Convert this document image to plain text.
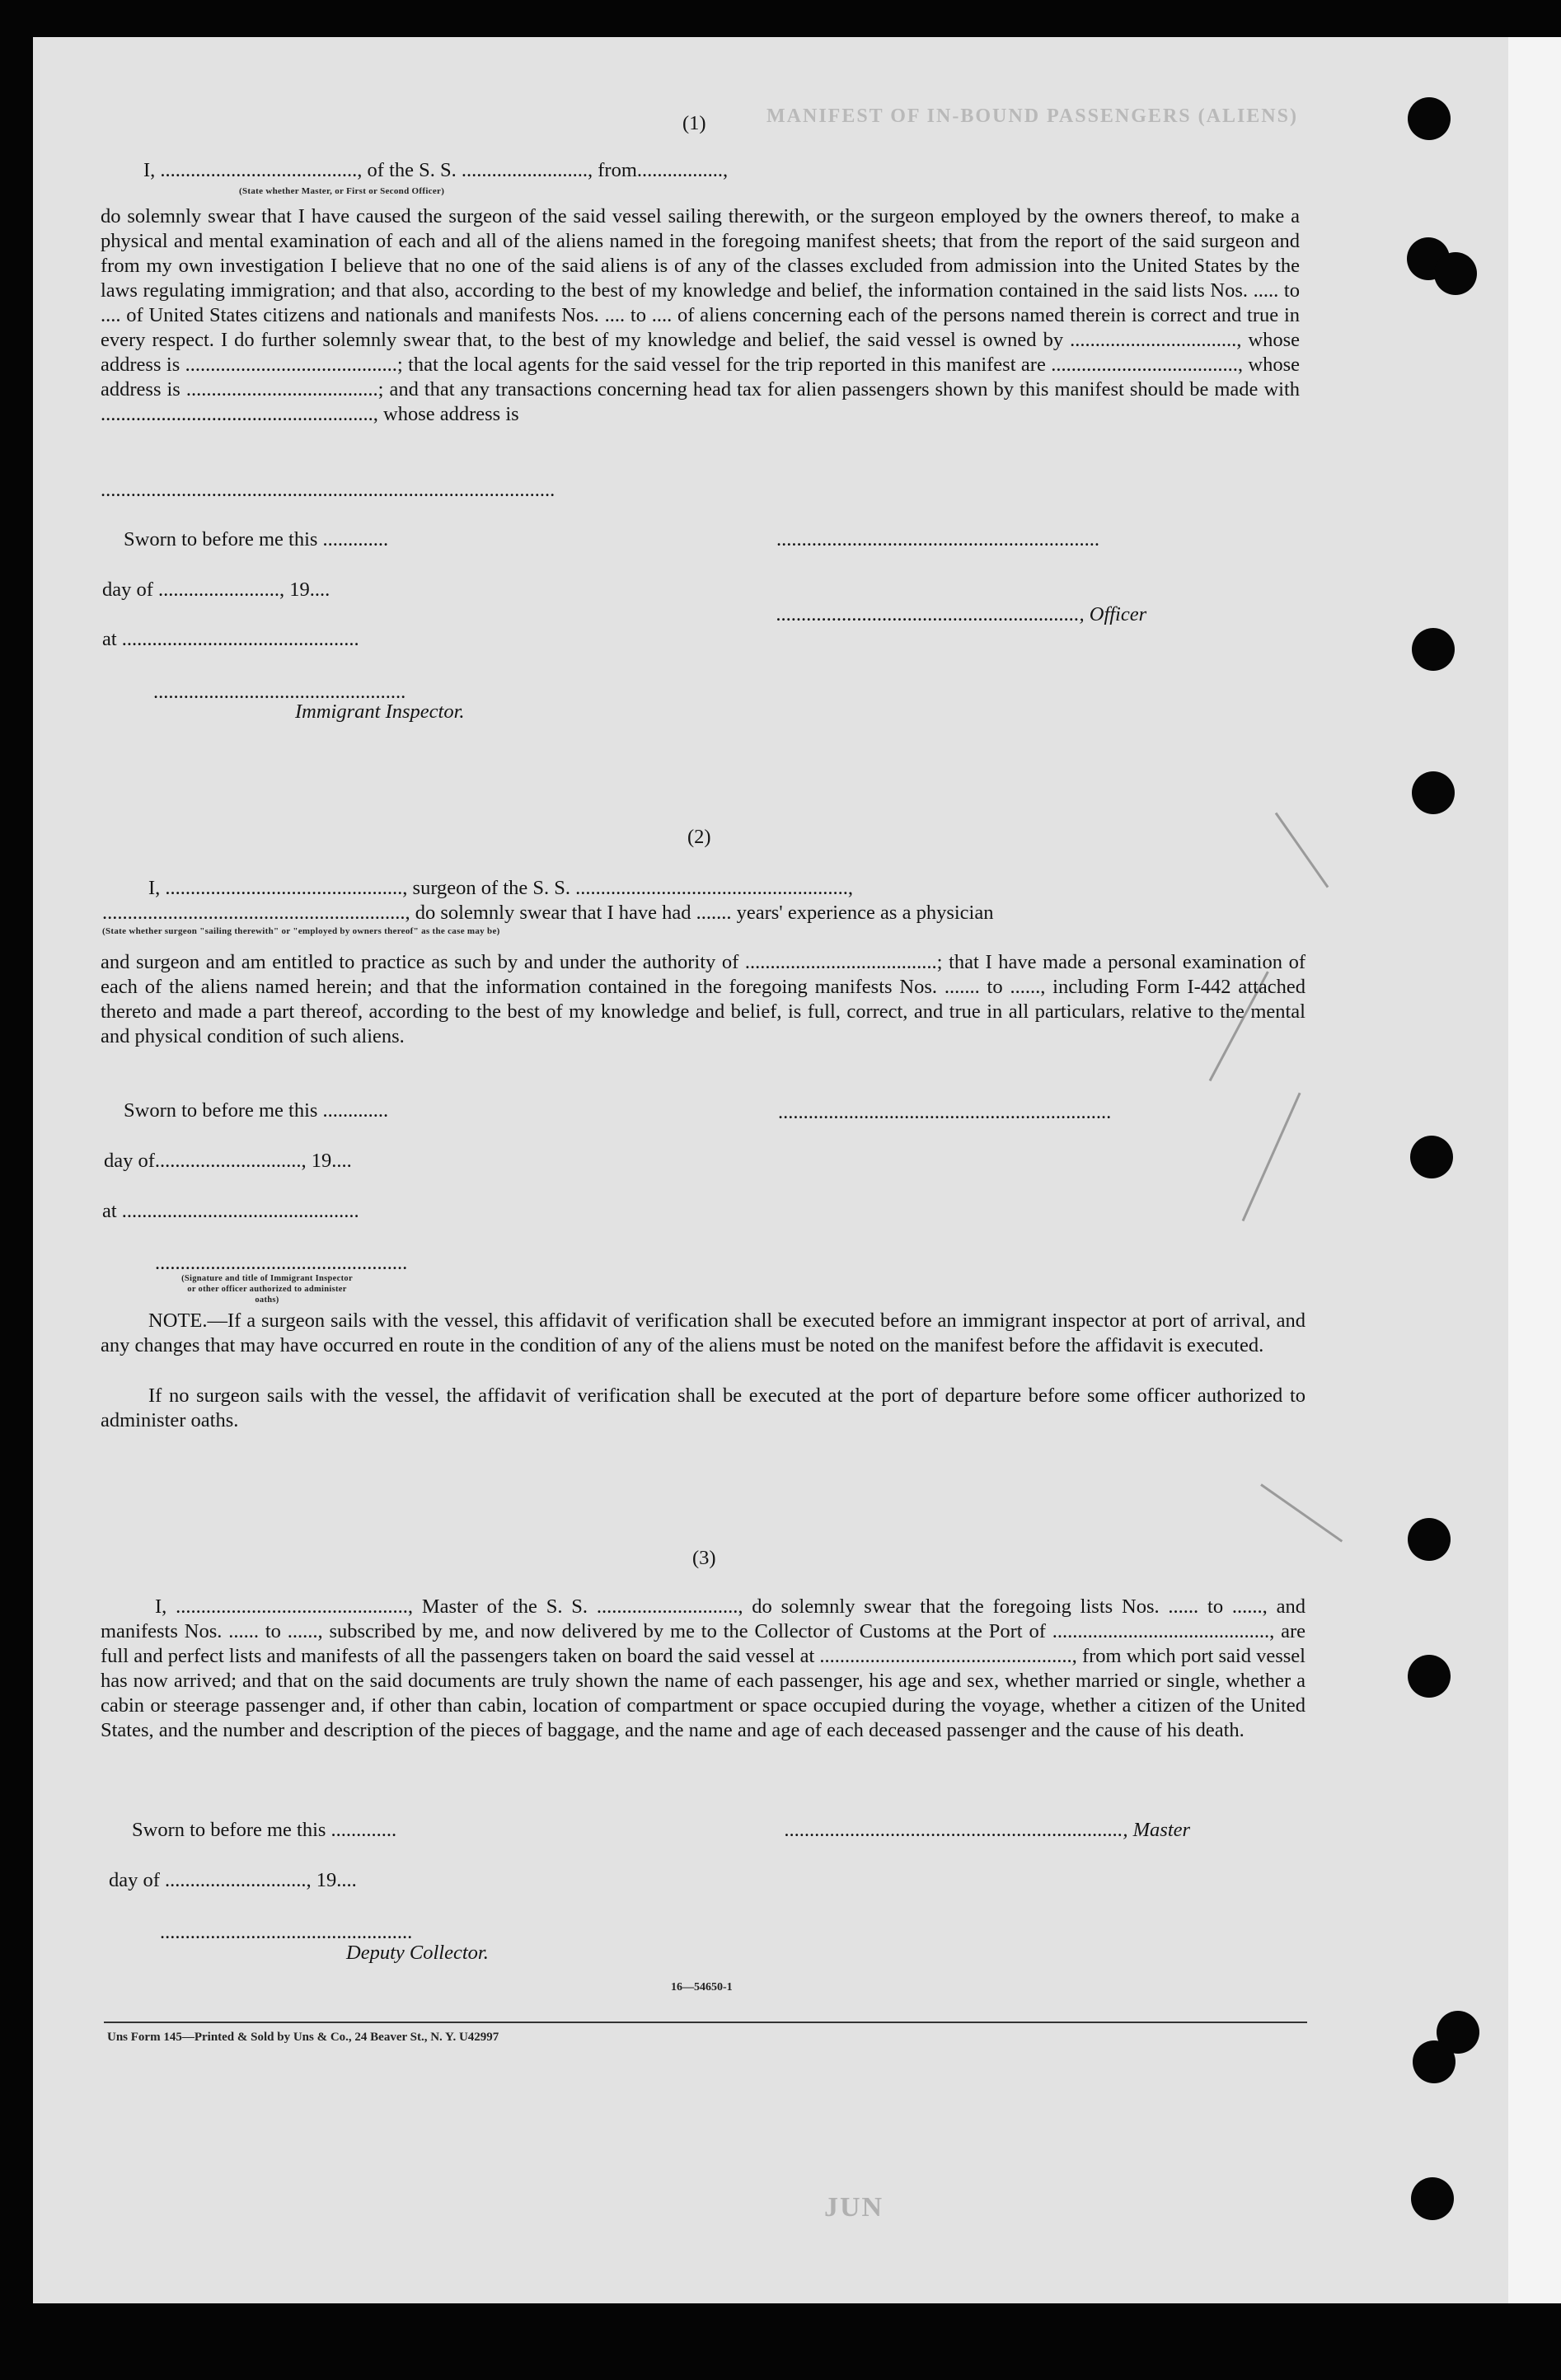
MANIFEST OF IN-BOUND PASSENGERS (ALIENS)
JUN
(1)
I, ......................................., of the S. S. ........................., from.................,
(State whether Master, or First or Second Officer)
do solemnly swear that I have caused the surgeon of the said vessel sailing therewith, or the surgeon employed by the owners thereof, to make a physical and mental examination of each and all of the aliens named in the foregoing manifest sheets; that from the report of the said surgeon and from my own investigation I believe that no one of the said aliens is of any of the classes excluded from admission into the United States by the laws regulating immigration; and that also, according to the best of my knowledge and belief, the information contained in the said lists Nos. ..... to .... of United States citizens and nationals and manifests Nos. .... to .... of aliens concerning each of the persons named therein is correct and true in every respect. I do further solemnly swear that, to the best of my knowledge and belief, the said vessel is owned by ................................., whose address is ..........................................; that the local agents for the said vessel for the trip reported in this manifest are ....................................., whose address is ......................................; and that any transactions concerning head tax for alien passengers shown by this manifest should be made with ......................................................, whose address is
..........................................................................................
Sworn to before me this .............	................................................................
day of ........................, 19....
............................................................, Officer
at ...............................................
..................................................
Immigrant Inspector.
(2)
I, ..............................................., surgeon of the S. S. ......................................................,
............................................................, do solemnly swear that I have had ....... years' experience as a physician
(State whether surgeon "sailing therewith" or "employed by owners thereof" as the case may be)
and surgeon and am entitled to practice as such by and under the authority of ......................................; that I have made a personal examination of each of the aliens named herein; and that the information contained in the foregoing manifests Nos. ....... to ......, including Form I-442 attached thereto and made a part thereof, according to the best of my knowledge and belief, is full, correct, and true in all particulars, relative to the mental and physical condition of such aliens.
Sworn to before me this .............	..................................................................
day of............................., 19....
at ...............................................
..................................................
(Signature and title of Immigrant Inspector or other officer authorized to administer oaths)
NOTE.—If a surgeon sails with the vessel, this affidavit of verification shall be executed before an immigrant inspector at port of arrival, and any changes that may have occurred en route in the condition of any of the aliens must be noted on the manifest before the affidavit is executed.
If no surgeon sails with the vessel, the affidavit of verification shall be executed at the port of departure before some officer authorized to administer oaths.
(3)
I, .............................................., Master of the S. S. ............................, do solemnly swear that the foregoing lists Nos. ...... to ......, and manifests Nos. ...... to ......, subscribed by me, and now delivered by me to the Collector of Customs at the Port of ..........................................., are full and perfect lists and manifests of all the passengers taken on board the said vessel at .................................................., from which port said vessel has now arrived; and that on the said documents are truly shown the name of each passenger, his age and sex, whether married or single, whether a cabin or steerage passenger and, if other than cabin, location of compartment or space occupied during the voyage, whether a citizen of the United States, and the number and description of the pieces of baggage, and the name and age of each deceased passenger and the cause of his death.
Sworn to before me this .............	..................................................................., Master
day of ............................, 19....
..................................................
Deputy Collector.
16—54650-1
Uns Form 145—Printed & Sold by Uns & Co., 24 Beaver St., N. Y. U42997
